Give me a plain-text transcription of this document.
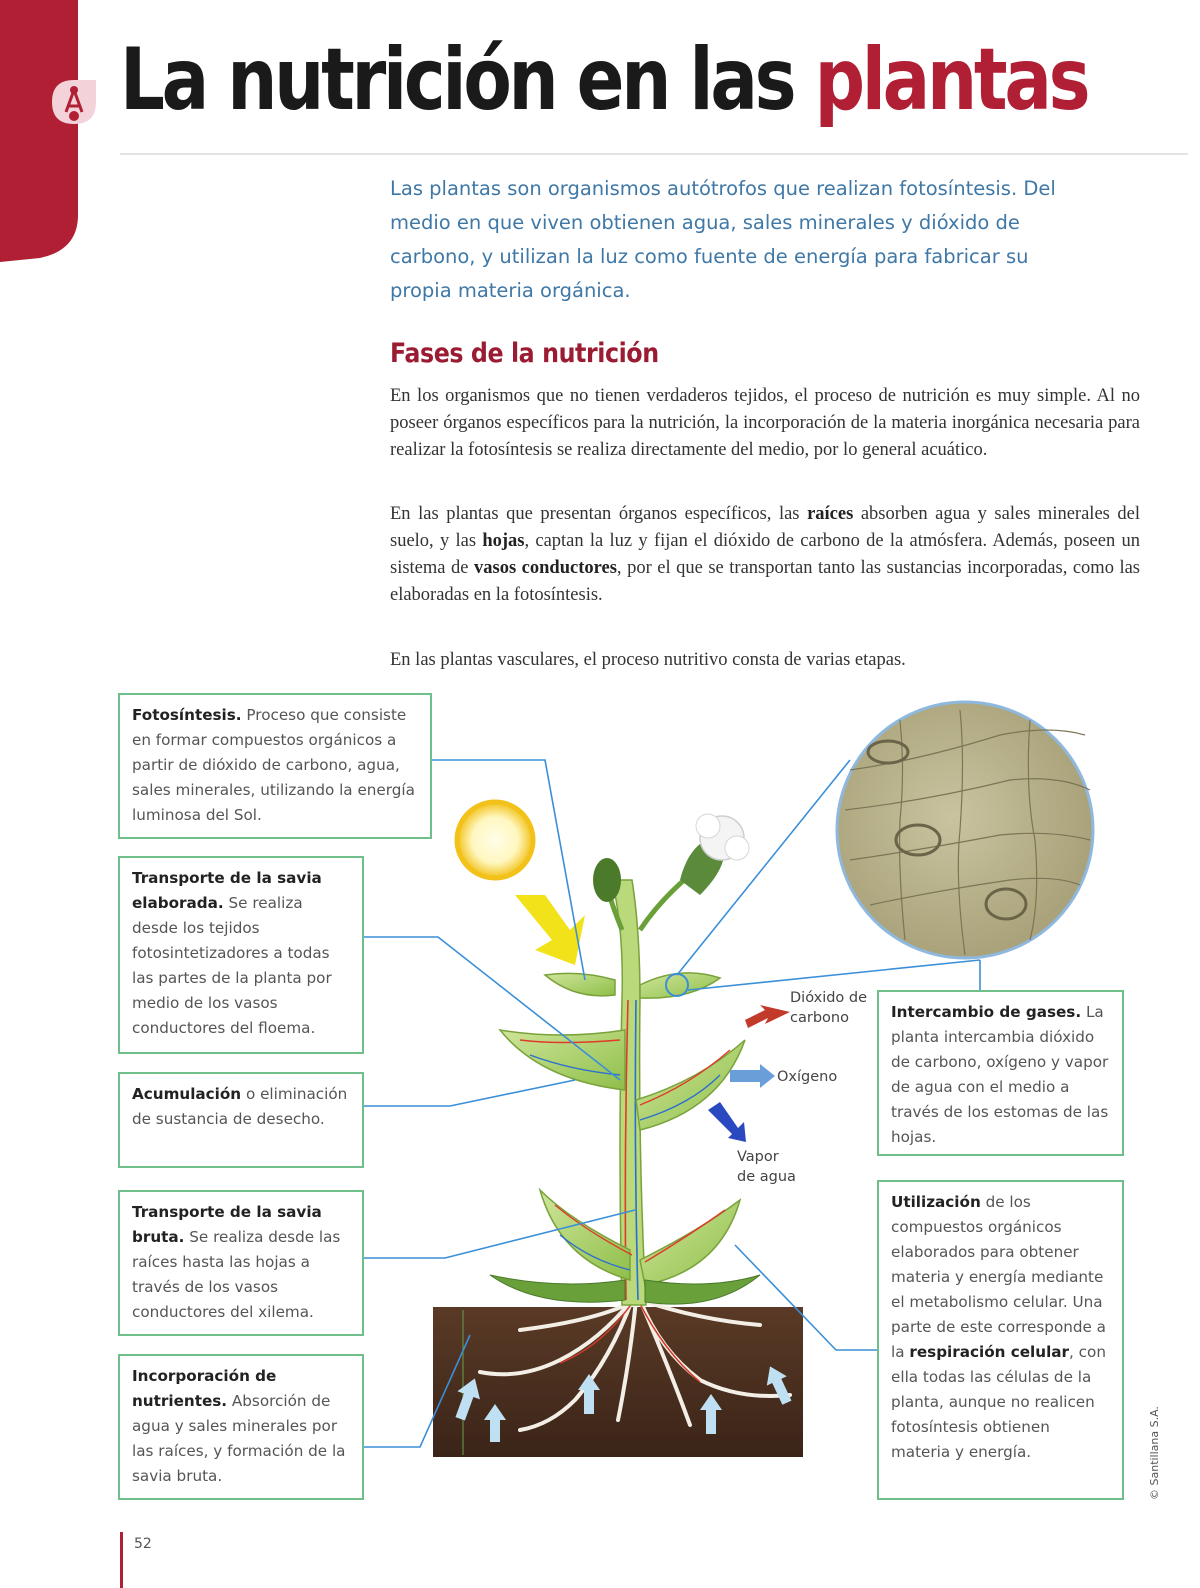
La nutrición en las plantas
Las plantas son organismos autótrofos que realizan fotosíntesis. Del medio en que viven obtienen agua, sales minerales y dióxido de carbono, y utilizan la luz como fuente de energía para fabricar su propia materia orgánica.
Fases de la nutrición
En los organismos que no tienen verdaderos tejidos, el proceso de nutrición es muy simple. Al no poseer órganos específicos para la nutrición, la incorporación de la materia inorgánica necesaria para realizar la fotosíntesis se realiza directamente del medio, por lo general acuático.
En las plantas que presentan órganos específicos, las raíces absorben agua y sales minerales del suelo, y las hojas, captan la luz y fijan el dióxido de carbono de la atmósfera. Además, poseen un sistema de vasos conductores, por el que se transportan tanto las sustancias incorporadas, como las elaboradas en la fotosíntesis.
En las plantas vasculares, el proceso nutritivo consta de varias etapas.
Dióxido de carbono
Oxígeno
Vapor de agua
Fotosíntesis. Proceso que consiste en formar compuestos orgánicos a partir de dióxido de carbono, agua, sales minerales, utilizando la energía luminosa del Sol.
Transporte de la savia elaborada. Se realiza desde los tejidos fotosintetizadores a todas las partes de la planta por medio de los vasos conductores del floema.
Acumulación o eliminación de sustancia de desecho.
Transporte de la savia bruta. Se realiza desde las raíces hasta las hojas a través de los vasos conductores del xilema.
Incorporación de nutrientes. Absorción de agua y sales minerales por las raíces, y formación de la savia bruta.
Intercambio de gases. La planta intercambia dióxido de carbono, oxígeno y vapor de agua con el medio a través de los estomas de las hojas.
Utilización de los compuestos orgánicos elaborados para obtener materia y energía mediante el metabolismo celular. Una parte de este corresponde a la respiración celular, con ella todas las células de la planta, aunque no realicen fotosíntesis obtienen materia y energía.
52
© Santillana S.A.
